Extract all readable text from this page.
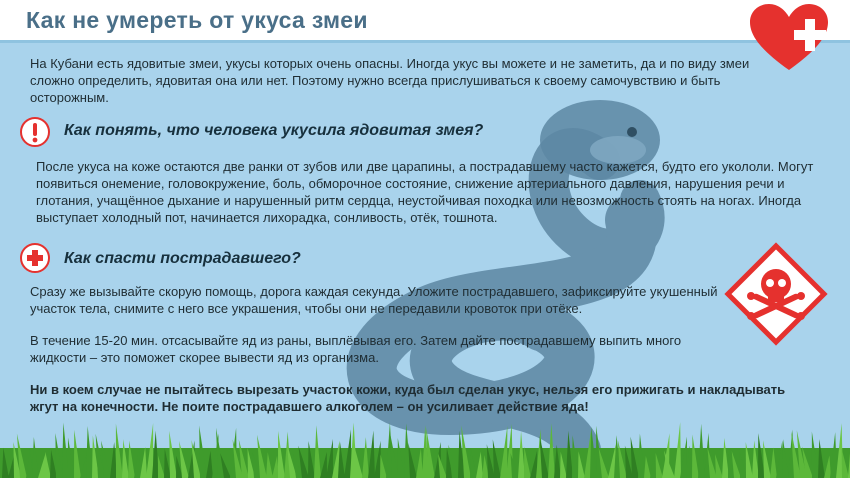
Как не умереть от укуса змеи
На Кубани есть ядовитые змеи, укусы которых очень опасны. Иногда укус вы можете и не заметить, да и по виду змеи сложно определить, ядовитая она или нет. Поэтому нужно всегда прислушиваться к своему самочувствию и быть осторожным.
Как понять, что человека укусила ядовитая змея?
После укуса на коже остаются две ранки от зубов или две царапины, а пострадавшему часто кажется, будто его укололи. Могут появиться онемение, головокружение, боль, обморочное состояние, снижение артериального давления, нарушения речи и глотания, учащённое дыхание и нарушенный ритм сердца, неустойчивая походка или невозможность стоять на ногах. Иногда выступает холодный пот, начинается лихорадка, сонливость, отёк, тошнота.
Как спасти пострадавшего?
Сразу же вызывайте скорую помощь, дорога каждая секунда. Уложите пострадавшего, зафиксируйте укушенный участок тела, снимите с него все украшения, чтобы они не передавили кровоток при отёке.
В течение 15-20 мин. отсасывайте яд из раны, выплёвывая его. Затем дайте пострадавшему выпить много жидкости – это поможет скорее вывести яд из организма.
Ни в коем случае не пытайтесь вырезать участок кожи, куда был сделан укус, нельзя его прижигать и накладывать жгут на конечности. Не поите пострадавшего алкоголем – он усиливает действие яда!
